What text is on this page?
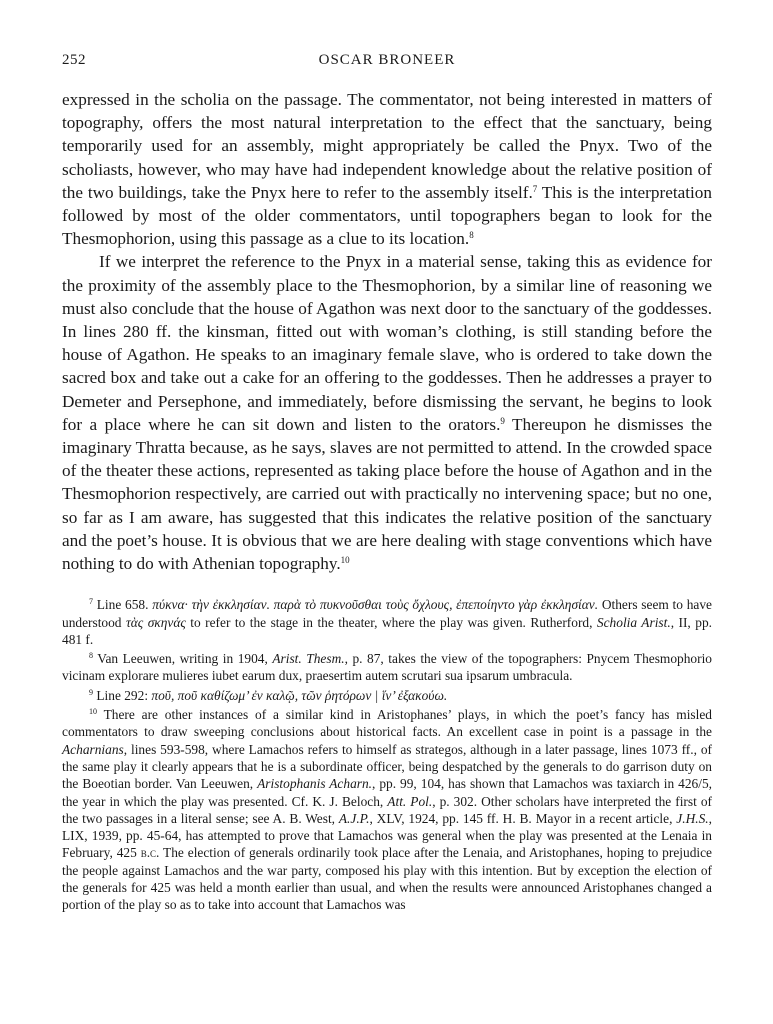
252	OSCAR BRONEER

expressed in the scholia on the passage. The commentator, not being interested in matters of topography, offers the most natural interpretation to the effect that the sanctuary, being temporarily used for an assembly, might appropriately be called the Pnyx. Two of the scholiasts, however, who may have had independent knowledge about the relative position of the two buildings, take the Pnyx here to refer to the assembly itself.$^7$ This is the interpretation followed by most of the older commentators, until topographers began to look for the Thesmophorion, using this passage as a clue to its location.$^8$

If we interpret the reference to the Pnyx in a material sense, taking this as evidence for the proximity of the assembly place to the Thesmophorion, by a similar line of reasoning we must also conclude that the house of Agathon was next door to the sanctuary of the goddesses. In lines 280 ff. the kinsman, fitted out with woman’s clothing, is still standing before the house of Agathon. He speaks to an imaginary female slave, who is ordered to take down the sacred box and take out a cake for an offering to the goddesses. Then he addresses a prayer to Demeter and Persephone, and immediately, before dismissing the servant, he begins to look for a place where he can sit down and listen to the orators.$^9$ Thereupon he dismisses the imaginary Thratta because, as he says, slaves are not permitted to attend. In the crowded space of the theater these actions, represented as taking place before the house of Agathon and in the Thesmophorion respectively, are carried out with practically no intervening space; but no one, so far as I am aware, has suggested that this indicates the relative position of the sanctuary and the poet’s house. It is obvious that we are here dealing with stage conventions which have nothing to do with Athenian topography.$^{10}$

$^7$ Line 658. πύκνα· τὴν ἐκκλησίαν. παρὰ τὸ πυκνοῦσθαι τοὺς ὄχλους, ἐπεποίηντο γὰρ ἐκκλησίαν. Others seem to have understood τὰς σκηνάς to refer to the stage in the theater, where the play was given. Rutherford, Scholia Arist., II, pp. 481 f.

$^8$ Van Leeuwen, writing in 1904, Arist. Thesm., p. 87, takes the view of the topographers: Pnycem Thesmophorio vicinam explorare mulieres iubet earum dux, praesertim autem scrutari sua ipsarum umbracula.

$^9$ Line 292: ποῦ, ποῦ καθίζωμ’ ἐν καλῷ, τῶν ῥητόρων | ἵν’ ἐξακούω.

$^{10}$ There are other instances of a similar kind in Aristophanes’ plays, in which the poet’s fancy has misled commentators to draw sweeping conclusions about historical facts. An excellent case in point is a passage in the Acharnians, lines 593-598, where Lamachos refers to himself as strategos, although in a later passage, lines 1073 ff., of the same play it clearly appears that he is a subordinate officer, being despatched by the generals to do garrison duty on the Boeotian border. Van Leeuwen, Aristophanis Acharn., pp. 99, 104, has shown that Lamachos was taxiarch in 426/5, the year in which the play was presented. Cf. K. J. Beloch, Att. Pol., p. 302. Other scholars have interpreted the first of the two passages in a literal sense; see A. B. West, A.J.P., XLV, 1924, pp. 145 ff. H. B. Mayor in a recent article, J.H.S., LIX, 1939, pp. 45-64, has attempted to prove that Lamachos was general when the play was presented at the Lenaia in February, 425 b.c. The election of generals ordinarily took place after the Lenaia, and Aristophanes, hoping to prejudice the people against Lamachos and the war party, composed his play with this intention. But by exception the election of the generals for 425 was held a month earlier than usual, and when the results were announced Aristophanes changed a portion of the play so as to take into account that Lamachos was
